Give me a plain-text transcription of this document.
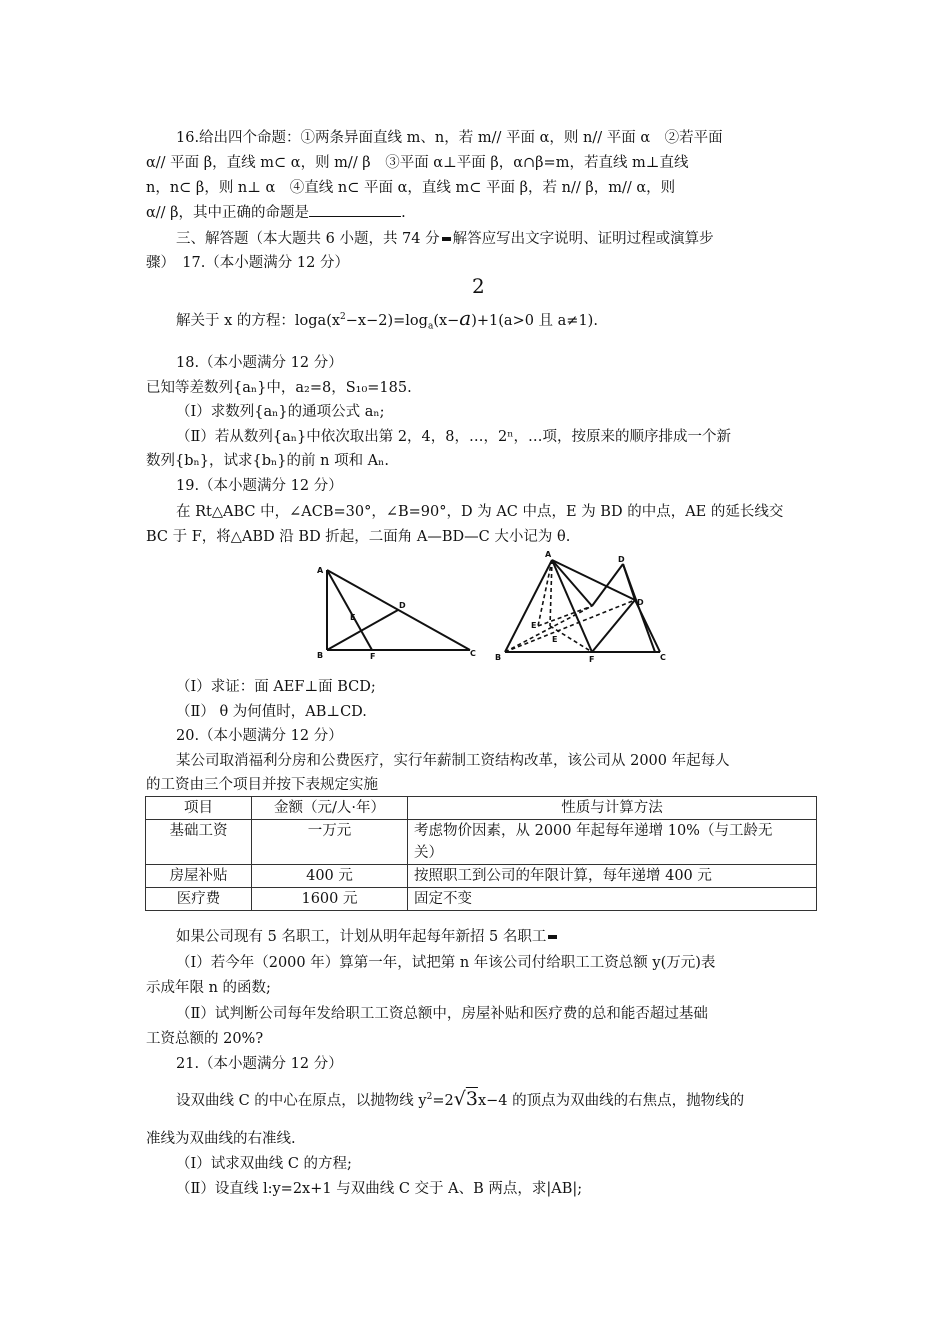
16.给出四个命题：①两条异面直线 m、n，若 m// 平面 α，则 n// 平面 α　②若平面
α// 平面 β，直线 m⊂ α，则 m// β　③平面 α⊥平面 β，α∩β=m，若直线 m⊥直线
n，n⊂ β，则 n⊥ α　④直线 n⊂ 平面 α，直线 m⊂ 平面 β，若 n// β，m// α，则
α// β，其中正确的命题是	.
三、解答题（本大题共 6 小题，共 74 分 解答应写出文字说明、证明过程或演算步
骤）　17.（本小题满分 12 分）
2
解关于 x 的方程：$\log a(x^2-x-2)=\log_a(x-a)+1(a>0$ 且 a≠1).
18.（本小题满分 12 分）
已知等差数列{aₙ}中，a₂=8，S₁₀=185.
（Ⅰ）求数列{aₙ}的通项公式 aₙ;
（Ⅱ）若从数列{aₙ}中依次取出第 2，4，8，…，2ⁿ，…项，按原来的顺序排成一个新
数列{bₙ}，试求{bₙ}的前 n 项和 Aₙ.
19.（本小题满分 12 分）
在 Rt△ABC 中，∠ACB=30°，∠B=90°，D 为 AC 中点，E 为 BD 的中点，AE 的延长线交
BC 于 F，将△ABD 沿 BD 折起，二面角 A—BD—C 大小记为 θ.
A
D
E
B	F	C
A
D
D
E
E
B	F	C
（Ⅰ）求证：面 AEF⊥面 BCD;
（Ⅱ） θ 为何值时，AB⊥CD.
20.（本小题满分 12 分）
某公司取消福利分房和公费医疗，实行年薪制工资结构改革，该公司从 2000 年起每人
的工资由三个项目并按下表规定实施
项目	金额（元/人·年）	性质与计算方法
基础工资	一万元	考虑物价因素，从 2000 年起每年递增 10%（与工龄无
关）

房屋补贴	400 元	按照职工到公司的年限计算，每年递增 400 元
医疗费	1600 元	固定不变
如果公司现有 5 名职工，计划从明年起每年新招 5 名职工
（Ⅰ）若今年（2000 年）算第一年，试把第 n 年该公司付给职工工资总额 y(万元)表
示成年限 n 的函数;
（Ⅱ）试判断公司每年发给职工工资总额中，房屋补贴和医疗费的总和能否超过基础
工资总额的 20%?
21.（本小题满分 12 分）
设双曲线 C 的中心在原点，以抛物线 $y^2=2√3x-4$ 的顶点为双曲线的右焦点，抛物线的
准线为双曲线的右准线.
（Ⅰ）试求双曲线 C 的方程;
（Ⅱ）设直线 l:y=2x+1 与双曲线 C 交于 A、B 两点，求|AB|;
